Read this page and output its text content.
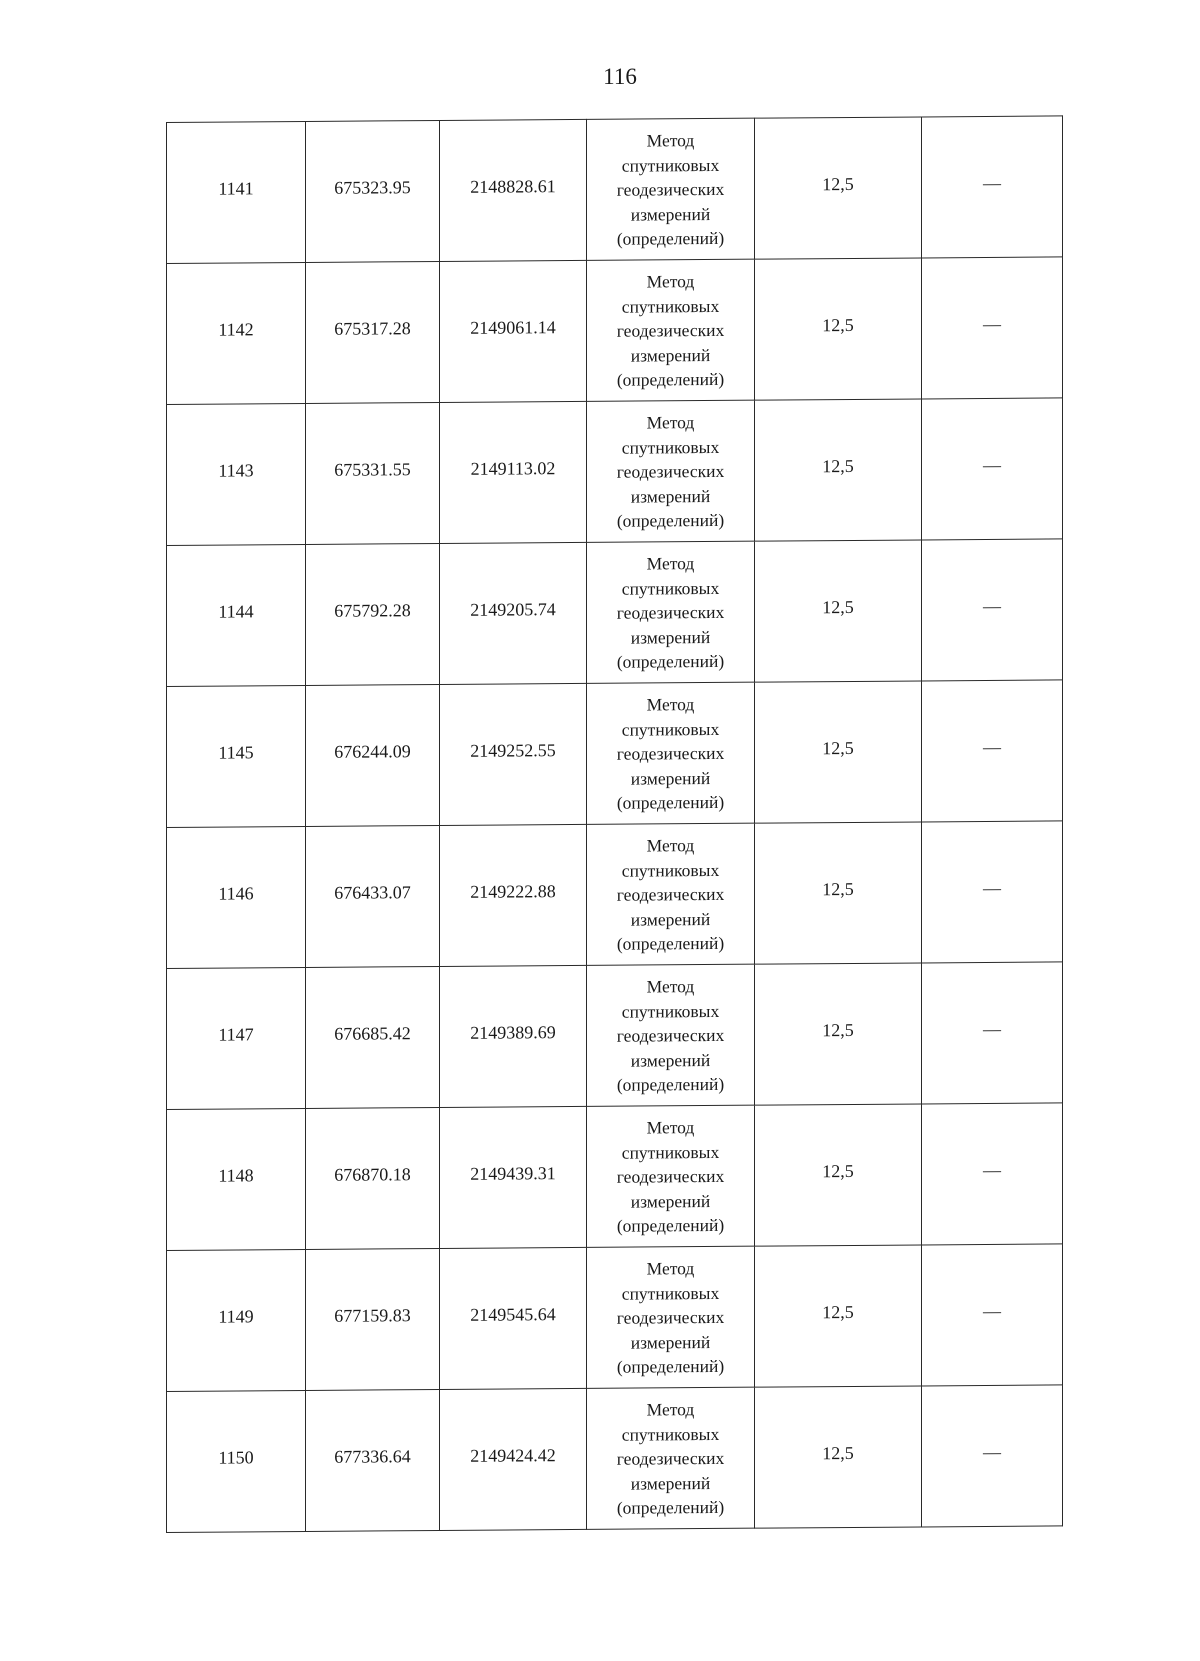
116
1141	675323.95	2148828.61	Метод
спутниковых
геодезических
измерений
(определений)	12,5	—
1142	675317.28	2149061.14	Метод
спутниковых
геодезических
измерений
(определений)	12,5	—
1143	675331.55	2149113.02	Метод
спутниковых
геодезических
измерений
(определений)	12,5	—
1144	675792.28	2149205.74	Метод
спутниковых
геодезических
измерений
(определений)	12,5	—
1145	676244.09	2149252.55	Метод
спутниковых
геодезических
измерений
(определений)	12,5	—
1146	676433.07	2149222.88	Метод
спутниковых
геодезических
измерений
(определений)	12,5	—
1147	676685.42	2149389.69	Метод
спутниковых
геодезических
измерений
(определений)	12,5	—
1148	676870.18	2149439.31	Метод
спутниковых
геодезических
измерений
(определений)	12,5	—
1149	677159.83	2149545.64	Метод
спутниковых
геодезических
измерений
(определений)	12,5	—
1150	677336.64	2149424.42	Метод
спутниковых
геодезических
измерений
(определений)	12,5	—
